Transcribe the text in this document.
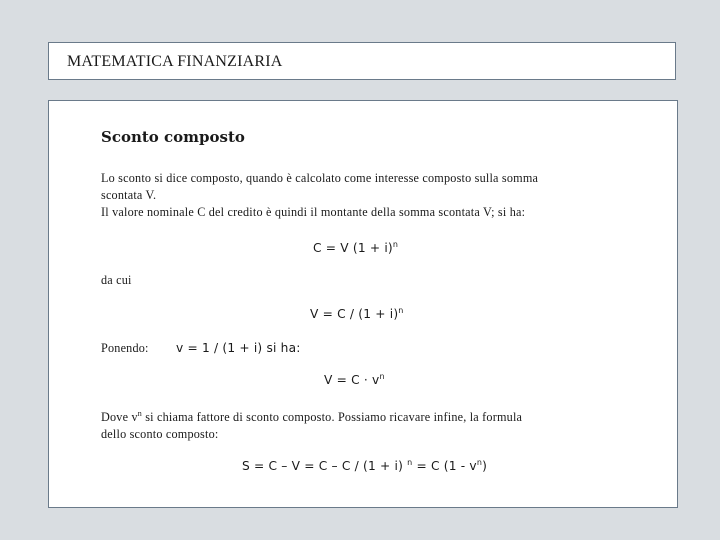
MATEMATICA FINANZIARIA
Sconto composto
Lo sconto si dice composto, quando è calcolato come interesse composto sulla somma
scontata V.
Il valore nominale C del credito è quindi il montante della somma scontata V; si ha:
C = V $(1 + i)^n$
da cui
$V = C / (1 + i)^n$
Ponendo: v = 1 / (1 + i) si ha:
$V = C \cdot v^n$
Dove $v^n$ si chiama fattore di sconto composto. Possiamo ricavare infine, la formula
dello sconto composto:
S = C – V = C – C / (1 + i) $^n$ = C $(1 - v^n)$
